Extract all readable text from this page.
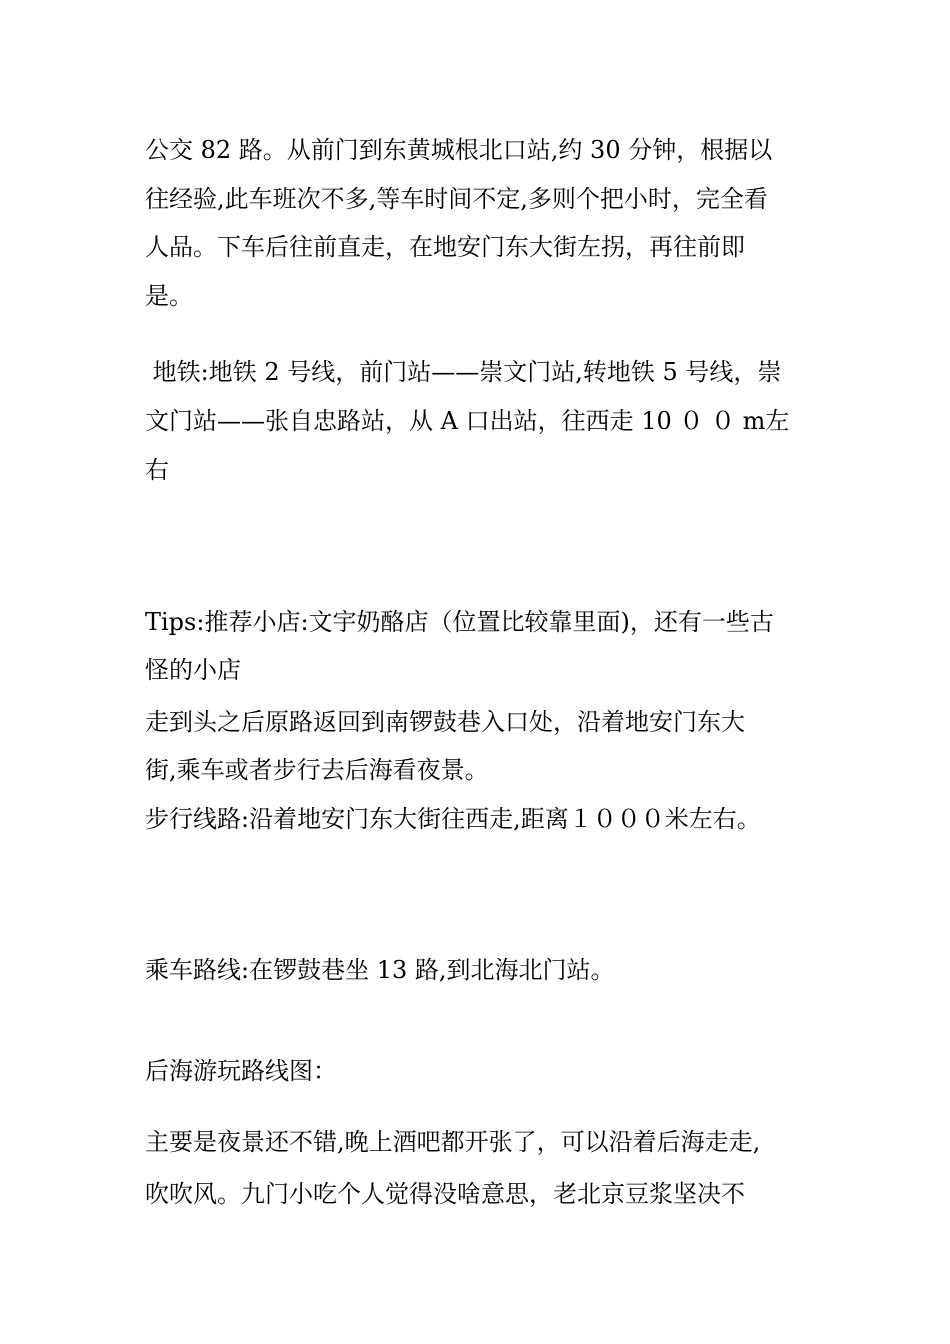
公交 82 路。从前门到东黄城根北口站,约 30 分钟，根据以

往经验,此车班次不多,等车时间不定,多则个把小时，完全看

人品。下车后往前直走，在地安门东大街左拐，再往前即

是。

地铁:地铁 2 号线，前门站——崇文门站,转地铁 5 号线，崇

文门站——张自忠路站，从 A 口出站，往西走 10 ０ ０ m左

右

Tips:推荐小店:文宇奶酪店（位置比较靠里面)，还有一些古

怪的小店

走到头之后原路返回到南锣鼓巷入口处，沿着地安门东大

街,乘车或者步行去后海看夜景。

步行线路:沿着地安门东大街往西走,距离１０００米左右。

乘车路线:在锣鼓巷坐 13 路,到北海北门站。

后海游玩路线图：

主要是夜景还不错,晚上酒吧都开张了，可以沿着后海走走,

吹吹风。九门小吃个人觉得没啥意思，老北京豆浆坚决不
